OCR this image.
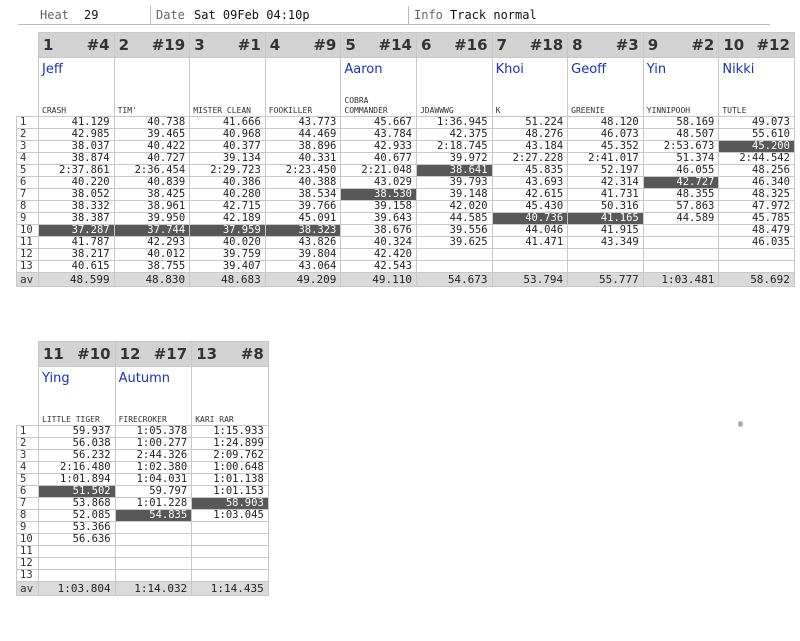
Heat 29	Date Sat 09Feb 04:10p	Info Track normal
	1 #4	2 #19	3 #1	4 #9	5 #14	6 #16	7 #18	8 #3	9 #2	10 #12

	Jeff				Aaron		Khoi	Geoff	Yin	Nikki
	CRASH	TIM'	MISTER CLEAN	FOOKILLER	COBRA COMMANDER	JDAWWWG	K	GREENIE	YINNIPOOH	TUTLE
1	41.129	40.738	41.666	43.773	45.667	1:36.945	51.224	48.120	58.169	49.073
2	42.985	39.465	40.968	44.469	43.784	42.375	48.276	46.073	48.507	55.610
3	38.037	40.422	40.377	38.896	42.933	2:18.745	43.184	45.352	2:53.673	45.200
4	38.874	40.727	39.134	40.331	40.677	39.972	2:27.228	2:41.017	51.374	2:44.542
5	2:37.861	2:36.454	2:29.723	2:23.450	2:21.048	38.641	45.835	52.197	46.055	48.256
6	40.220	40.839	40.386	40.388	43.029	39.793	43.693	42.314	42.727	46.340
7	38.052	38.425	40.280	38.534	38.530	39.148	42.615	41.731	48.355	48.325
8	38.332	38.961	42.715	39.766	39.158	42.020	45.430	50.316	57.863	47.972
9	38.387	39.950	42.189	45.091	39.643	44.585	40.736	41.165	44.589	45.785
10	37.287	37.744	37.959	38.323	38.676	39.556	44.046	41.915		48.479
11	41.787	42.293	40.020	43.826	40.324	39.625	41.471	43.349		46.035
12	38.217	40.012	39.759	39.804	42.420					
13	40.615	38.755	39.407	43.064	42.543					
av	48.599	48.830	48.683	49.209	49.110	54.673	53.794	55.777	1:03.481	58.692
	11 #10	12 #17	13 #8

	Ying	Autumn	
	LITTLE TIGER	FIRECROKER	KARI RAR
1	59.937	1:05.378	1:15.933
2	56.038	1:00.277	1:24.899
3	56.232	2:44.326	2:09.762
4	2:16.480	1:02.380	1:00.648
5	1:01.894	1:04.031	1:01.138
6	51.502	59.797	1:01.153
7	53.868	1:01.228	58.903
8	52.085	54.835	1:03.045
9	53.366		
10	56.636		
11			
12			
13			
av	1:03.804	1:14.032	1:14.435
